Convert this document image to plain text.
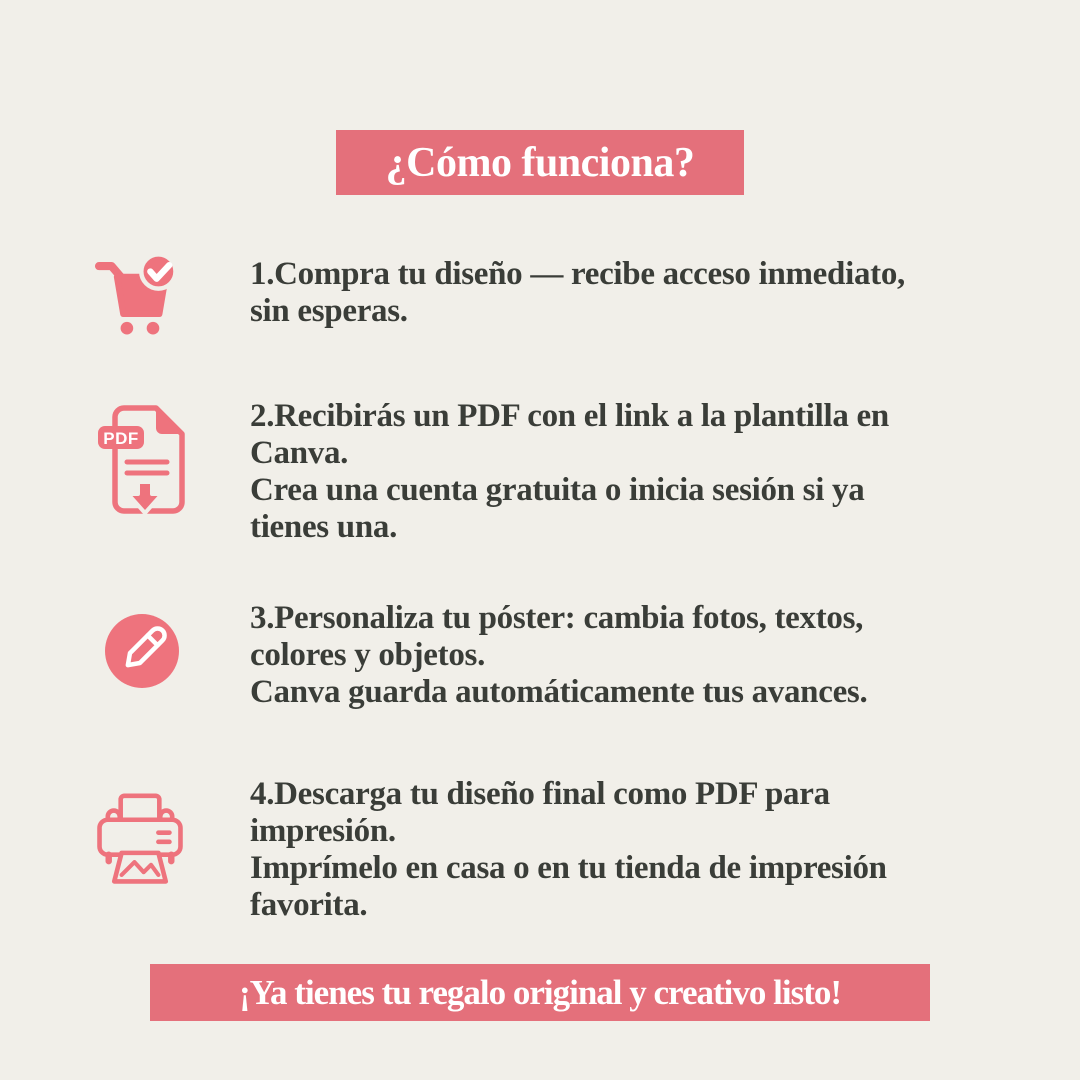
¿Cómo funciona?
1.Compra tu diseño — recibe acceso inmediato,
sin esperas.
PDF
2.Recibirás un PDF con el link a la plantilla en
Canva.
Crea una cuenta gratuita o inicia sesión si ya
tienes una.
3.Personaliza tu póster: cambia fotos, textos,
colores y objetos.
Canva guarda automáticamente tus avances.
4.Descarga tu diseño final como PDF para
impresión.
Imprímelo en casa o en tu tienda de impresión
favorita.
¡Ya tienes tu regalo original y creativo listo!
